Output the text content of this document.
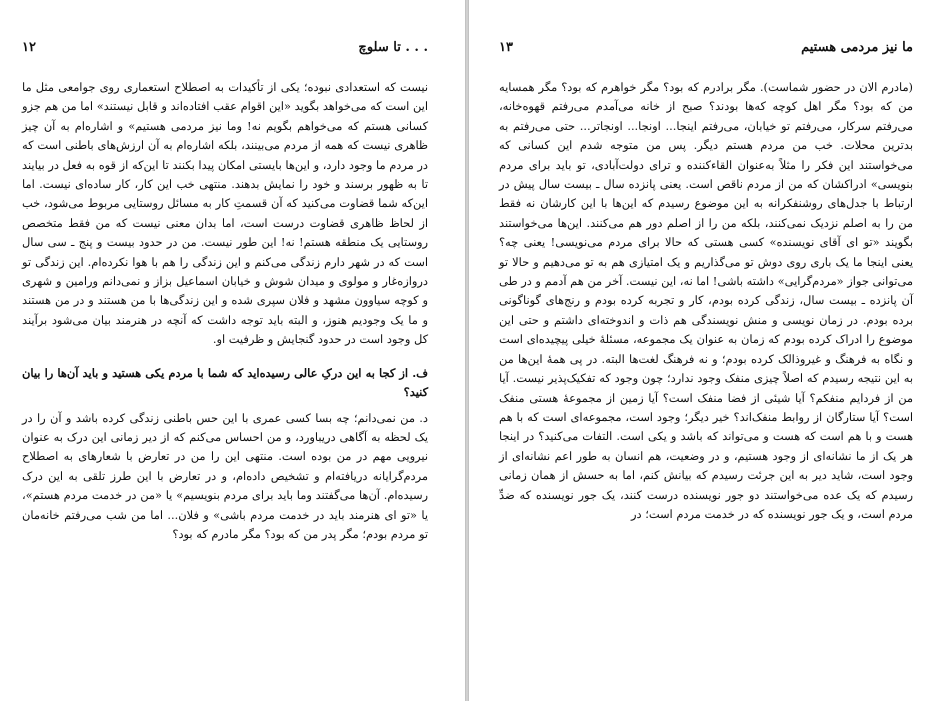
. . . تا سلوچ
۱۲

نیست که استعدادی نبوده؛ یکی از تأکیدات به اصطلاح استعماری روی جوامعی مثل ما این است که می‌خواهد بگوید «این اقوام عقب افتاده‌اند و قابل نیستند» اما من هم جزو کسانی هستم که می‌خواهم بگویم نه! وما نیز مردمی هستیم» و اشاره‌ام به آن چیز ظاهری نیست که همه از مردم می‌بینند، بلکه اشاره‌ام به آن ارزش‌های باطنی است که در مردم ما وجود دارد، و این‌ها بایستی امکان پیدا بکنند تا این‌که از قوه به فعل در بیایند تا به ظهور برسند و خود را نمایش بدهند. منتهی خب این کار، کار ساده‌ای نیست. اما این‌که شما قضاوت می‌کنید که آن قسمتِ کار به مسائل روستایی مربوط می‌شود، خب از لحاظ ظاهری قضاوت درست است، اما بدان معنی نیست که من فقط متخصص روستایی یک منطقه هستم! نه! این طور نیست. من در حدود بیست و پنج ـ سی سال است که در شهر دارم زندگی می‌کنم و این زندگی را هم با هوا نکرده‌ام. این زندگی تو دروازه‌غار و مولوی و میدان شوش و خیابان اسماعیل بزاز و نمی‌دانم ورامین و شهری و کوچه سیاوون مشهد و فلان سپری شده و این زندگی‌ها با من هستند و در من هستند و ما یک وجودیم هنوز، و البته باید توجه داشت که آنچه در هنرمند بیان می‌شود برآیند کل وجود است در حدود گنجایش و ظرفیت او.

ف. از کجا به این درکِ عالی رسیده‌اید که شما با مردم یکی هستید و باید آن‌ها را بیان کنید؟

د. من نمی‌دانم؛ چه بسا کسی عمری با این حس باطنی زندگی کرده باشد و آن را در یک لحظه به آگاهی دریباورد، و من احساس می‌کنم که از دیر زمانی این درک به عنوان نیرویی مهم در من بوده است. منتهی این را من در تعارض با شعارهای به اصطلاح مردم‌گرایانه دریافته‌ام و تشخیص داده‌ام، و در تعارض با این طرز تلقی به این درک رسیده‌ام. آن‌ها می‌گفتند و‌ما باید برای مردم بنویسیم» یا «من در خدمت مردم هستم»، یا «تو ای هنرمند باید در خدمت مردم باشی» و فلان... اما من شب می‌رفتم خانه‌مان تو مردم بودم؛ مگر پدر من که بود؟ مگر مادرم که بود؟

ما نیز مردمی هستیم
۱۳

(مادرم الان در حضور شماست). مگر برادرم که بود؟ مگر خواهرم که بود؟ مگر همسایه من که بود؟ مگر اهل کوچه که‌ها بودند؟ صبح از خانه می‌آمدم می‌رفتم قهوه‌خانه، می‌رفتم سرکار، می‌رفتم تو خیابان، می‌رفتم اینجا... اونجا... اونجاتر... حتی می‌رفتم به بدترین محلات. خب من مردم هستم دیگر. پس من متوجه شدم این کسانی که می‌خواستند این فکر را مثلاً به‌عنوان القاءکننده و ترای دولت‌آبادی، تو باید برای مردم بنویسی» ادراکشان که من از مردم ناقص است. یعنی پانزده سال ـ بیست سال پیش در ارتباط با جدل‌های روشنفکرانه به این موضوع رسیدم که این‌ها با این کارشان نه فقط من را به اصلم نزدیک نمی‌کنند، بلکه من را از اصلم دور هم می‌کنند. این‌ها می‌خواستند بگویند «تو ای آقای نویسنده» کسی هستی که حالا برای مردم می‌نویسی! یعنی چه؟ یعنی اینجا ما یک باری روی دوش تو می‌گذاریم و یک امتیازی هم به تو می‌دهیم و حالا تو می‌توانی جواز «مردم‌گرایی» داشته باشی! اما نه، این نیست. آخر من هم آدمم و در طی آن پانزده ـ بیست سال، زندگی کرده بودم، کار و تجربه کرده بودم و رنج‌های گوناگونی برده بودم. در زمان نویسی و منش نویسندگی هم ذات و اندوخته‌ای داشتم و حتی این موضوع را ادراک کرده بودم که زمان به عنوان یک مجموعه، مسئلهٔ خیلی پیچیده‌ای است و نگاه به فرهنگ و غیروذالک کرده بودم؛ و نه فرهنگ لغت‌ها البته. در پی همهٔ این‌ها من به این نتیجه رسیدم که اصلاً چیزی منفک وجود ندارد؛ چون وجود که تفکیک‌پذیر نیست. آیا من از فردایم منفکم؟ آیا شیئی از فضا منفک است؟ آیا زمین از مجموعهٔ هستی منفک است؟ آیا ستارگان از روابط منفک‌اند؟ خیر دیگر؛ وجود است، مجموعه‌ای است که با هم هست و با هم است که هست و می‌تواند که باشد و یکی است. التفات می‌کنید؟ در اینجا هر یک از ما نشانه‌ای از وجود هستیم، و در وضعیت، هم انسان به طور اعم نشانه‌ای از وجود است، شاید دیر به این جرئت رسیدم که بیانش کنم، اما به حسش از همان زمانی رسیدم که یک عده می‌خواستند دو جور نویسنده درست کنند، یک جور نویسنده که ضدِّ مردم است، و یک جور نویسنده که در خدمت مردم است؛ در
